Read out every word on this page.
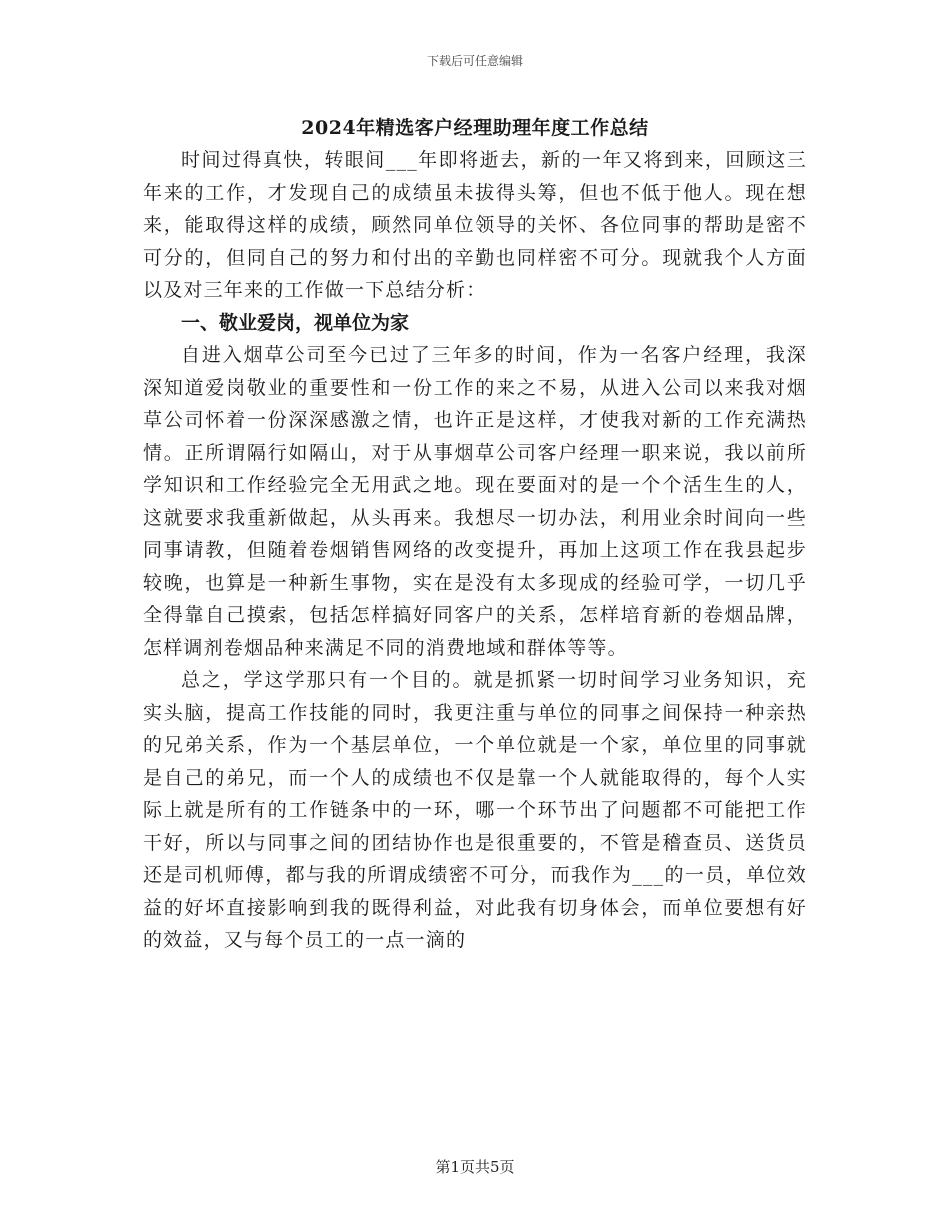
下载后可任意编辑
2024年精选客户经理助理年度工作总结

时间过得真快，转眼间___年即将逝去，新的一年又将到来，回顾这三年来的工作，才发现自己的成绩虽未拔得头筹，但也不低于他人。现在想来，能取得这样的成绩，顾然同单位领导的关怀、各位同事的帮助是密不可分的，但同自己的努力和付出的辛勤也同样密不可分。现就我个人方面以及对三年来的工作做一下总结分析：

一、敬业爱岗，视单位为家

自进入烟草公司至今已过了三年多的时间，作为一名客户经理，我深深知道爱岗敬业的重要性和一份工作的来之不易，从进入公司以来我对烟草公司怀着一份深深感激之情，也许正是这样，才使我对新的工作充满热情。正所谓隔行如隔山，对于从事烟草公司客户经理一职来说，我以前所学知识和工作经验完全无用武之地。现在要面对的是一个个活生生的人，这就要求我重新做起，从头再来。我想尽一切办法，利用业余时间向一些同事请教，但随着卷烟销售网络的改变提升，再加上这项工作在我县起步较晚，也算是一种新生事物，实在是没有太多现成的经验可学，一切几乎全得靠自己摸索，包括怎样搞好同客户的关系，怎样培育新的卷烟品牌，怎样调剂卷烟品种来满足不同的消费地域和群体等等。

总之，学这学那只有一个目的。就是抓紧一切时间学习业务知识，充实头脑，提高工作技能的同时，我更注重与单位的同事之间保持一种亲热的兄弟关系，作为一个基层单位，一个单位就是一个家，单位里的同事就是自己的弟兄，而一个人的成绩也不仅是靠一个人就能取得的，每个人实际上就是所有的工作链条中的一环，哪一个环节出了问题都不可能把工作干好，所以与同事之间的团结协作也是很重要的，不管是稽查员、送货员还是司机师傅，都与我的所谓成绩密不可分，而我作为___的一员，单位效益的好坏直接影响到我的既得利益，对此我有切身体会，而单位要想有好的效益，又与每个员工的一点一滴的

第1页共5页
